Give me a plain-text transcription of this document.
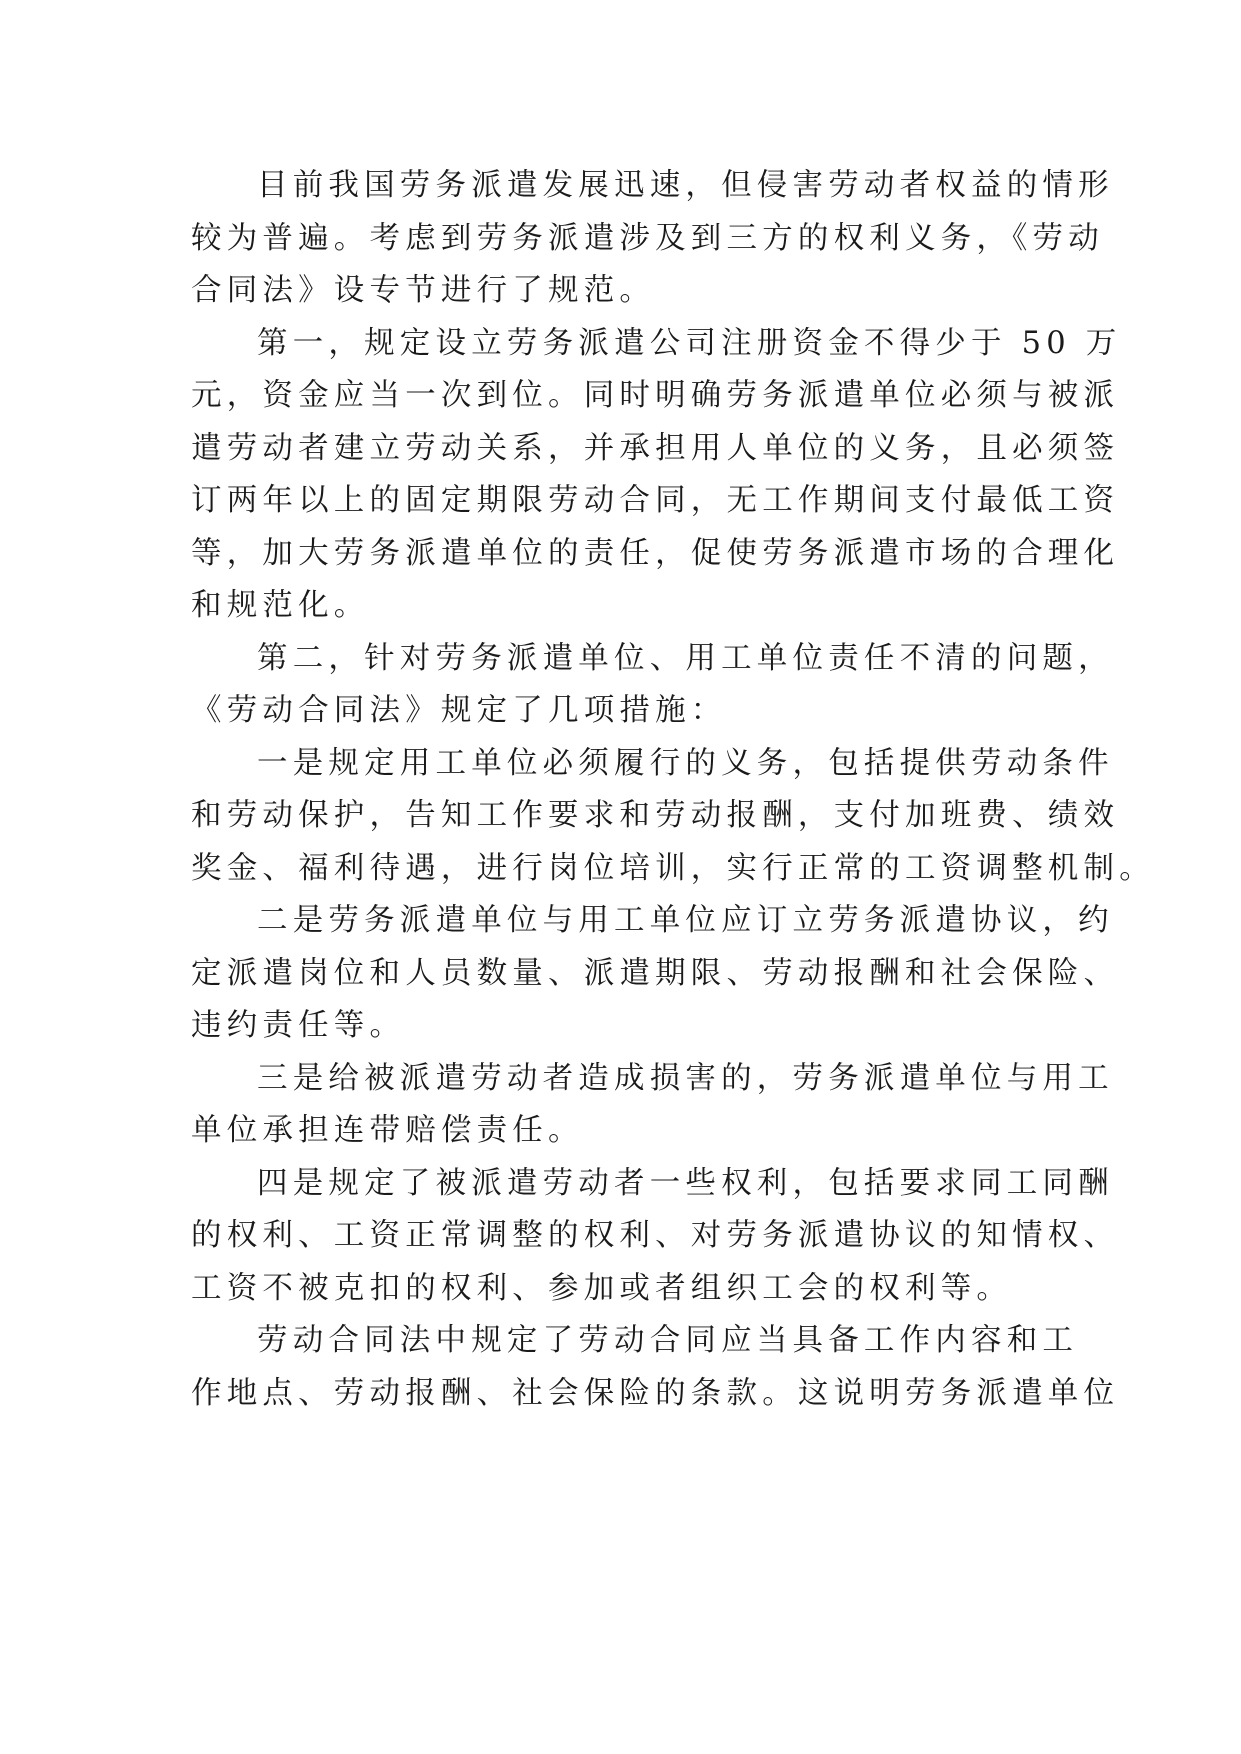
目前我国劳务派遣发展迅速，但侵害劳动者权益的情形
较为普遍。考虑到劳务派遣涉及到三方的权利义务，《劳动
合同法》设专节进行了规范。
第一，规定设立劳务派遣公司注册资金不得少于 50 万
元，资金应当一次到位。同时明确劳务派遣单位必须与被派
遣劳动者建立劳动关系，并承担用人单位的义务，且必须签
订两年以上的固定期限劳动合同，无工作期间支付最低工资
等，加大劳务派遣单位的责任，促使劳务派遣市场的合理化
和规范化。
第二，针对劳务派遣单位、用工单位责任不清的问题，
《劳动合同法》规定了几项措施：
一是规定用工单位必须履行的义务，包括提供劳动条件
和劳动保护，告知工作要求和劳动报酬，支付加班费、绩效
奖金、福利待遇，进行岗位培训，实行正常的工资调整机制。
二是劳务派遣单位与用工单位应订立劳务派遣协议，约
定派遣岗位和人员数量、派遣期限、劳动报酬和社会保险、
违约责任等。
三是给被派遣劳动者造成损害的，劳务派遣单位与用工
单位承担连带赔偿责任。
四是规定了被派遣劳动者一些权利，包括要求同工同酬
的权利、工资正常调整的权利、对劳务派遣协议的知情权、
工资不被克扣的权利、参加或者组织工会的权利等。
劳动合同法中规定了劳动合同应当具备工作内容和工
作地点、劳动报酬、社会保险的条款。这说明劳务派遣单位
